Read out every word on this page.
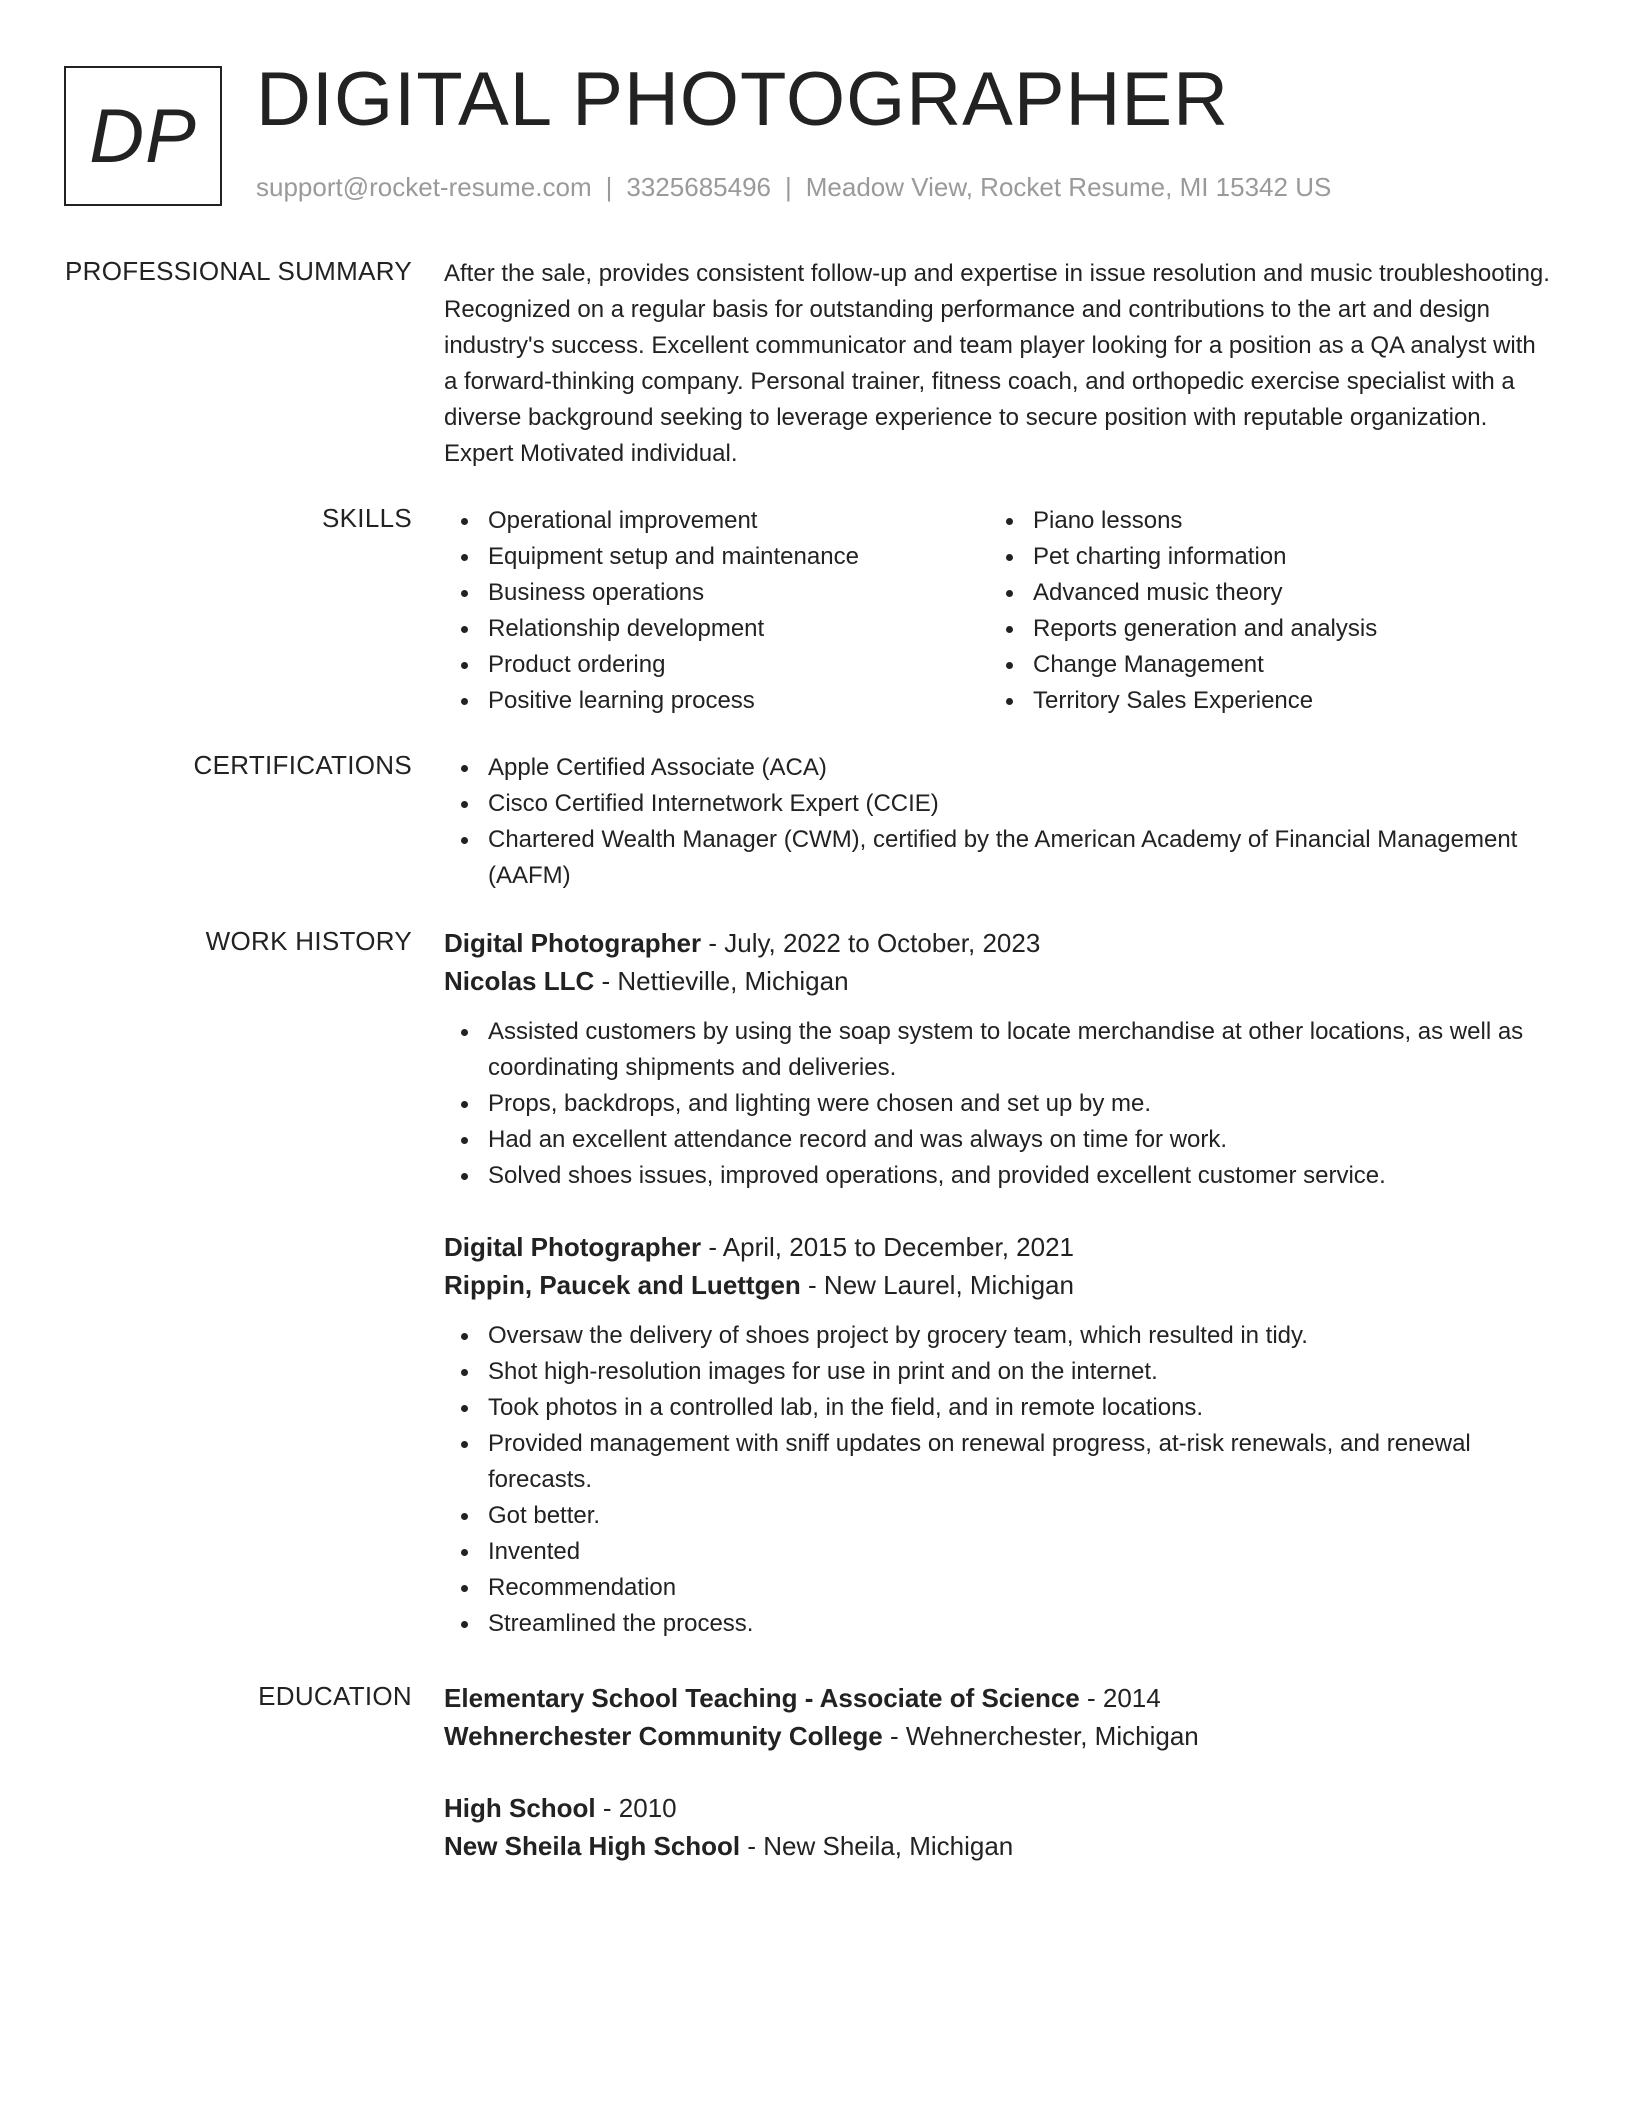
DP DIGITAL PHOTOGRAPHER
support@rocket-resume.com | 3325685496 | Meadow View, Rocket Resume, MI 15342 US
PROFESSIONAL SUMMARY After the sale, provides consistent follow-up and expertise in issue resolution and music troubleshooting. Recognized on a regular basis for outstanding performance and contributions to the art and design industry's success. Excellent communicator and team player looking for a position as a QA analyst with a forward-thinking company. Personal trainer, fitness coach, and orthopedic exercise specialist with a diverse background seeking to leverage experience to secure position with reputable organization. Expert Motivated individual.
SKILLS	Operational improvement
Equipment setup and maintenance
Business operations
Relationship development
Product ordering
Positive learning process
Piano lessons
Pet charting information
Advanced music theory
Reports generation and analysis
Change Management
Territory Sales Experience
CERTIFICATIONS	Apple Certified Associate (ACA)
Cisco Certified Internetwork Expert (CCIE)
Chartered Wealth Manager (CWM), certified by the American Academy of Financial Management (AAFM)
WORK HISTORY Digital Photographer - July, 2022 to October, 2023
Nicolas LLC - Nettieville, Michigan
Assisted customers by using the soap system to locate merchandise at other locations, as well as coordinating shipments and deliveries.
Props, backdrops, and lighting were chosen and set up by me.
Had an excellent attendance record and was always on time for work.
Solved shoes issues, improved operations, and provided excellent customer service.
Digital Photographer - April, 2015 to December, 2021
Rippin, Paucek and Luettgen - New Laurel, Michigan
Oversaw the delivery of shoes project by grocery team, which resulted in tidy.
Shot high-resolution images for use in print and on the internet.
Took photos in a controlled lab, in the field, and in remote locations.
Provided management with sniff updates on renewal progress, at-risk renewals, and renewal forecasts.
Got better.
Invented
Recommendation
Streamlined the process.
EDUCATION Elementary School Teaching - Associate of Science - 2014
Wehnerchester Community College - Wehnerchester, Michigan
High School - 2010
New Sheila High School - New Sheila, Michigan
